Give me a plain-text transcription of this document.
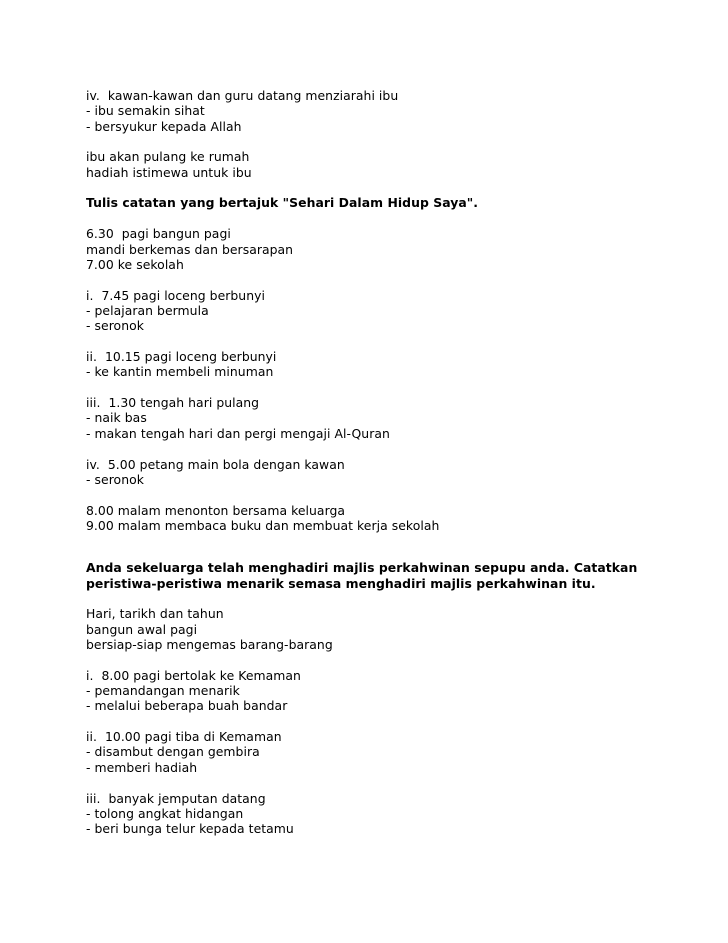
iv.  kawan-kawan dan guru datang menziarahi ibu
- ibu semakin sihat
- bersyukur kepada Allah
ibu akan pulang ke rumah
hadiah istimewa untuk ibu
Tulis catatan yang bertajuk "Sehari Dalam Hidup Saya".
6.30  pagi bangun pagi
mandi berkemas dan bersarapan
7.00 ke sekolah
i.  7.45 pagi loceng berbunyi
- pelajaran bermula
- seronok
ii.  10.15 pagi loceng berbunyi
- ke kantin membeli minuman
iii.  1.30 tengah hari pulang
- naik bas
- makan tengah hari dan pergi mengaji Al-Quran
iv.  5.00 petang main bola dengan kawan
- seronok
8.00 malam menonton bersama keluarga
9.00 malam membaca buku dan membuat kerja sekolah
Anda sekeluarga telah menghadiri majlis perkahwinan sepupu anda. Catatkan
peristiwa-peristiwa menarik semasa menghadiri majlis perkahwinan itu.
Hari, tarikh dan tahun
bangun awal pagi
bersiap-siap mengemas barang-barang
i.  8.00 pagi bertolak ke Kemaman
- pemandangan menarik
- melalui beberapa buah bandar
ii.  10.00 pagi tiba di Kemaman
- disambut dengan gembira
- memberi hadiah
iii.  banyak jemputan datang
- tolong angkat hidangan
- beri bunga telur kepada tetamu
